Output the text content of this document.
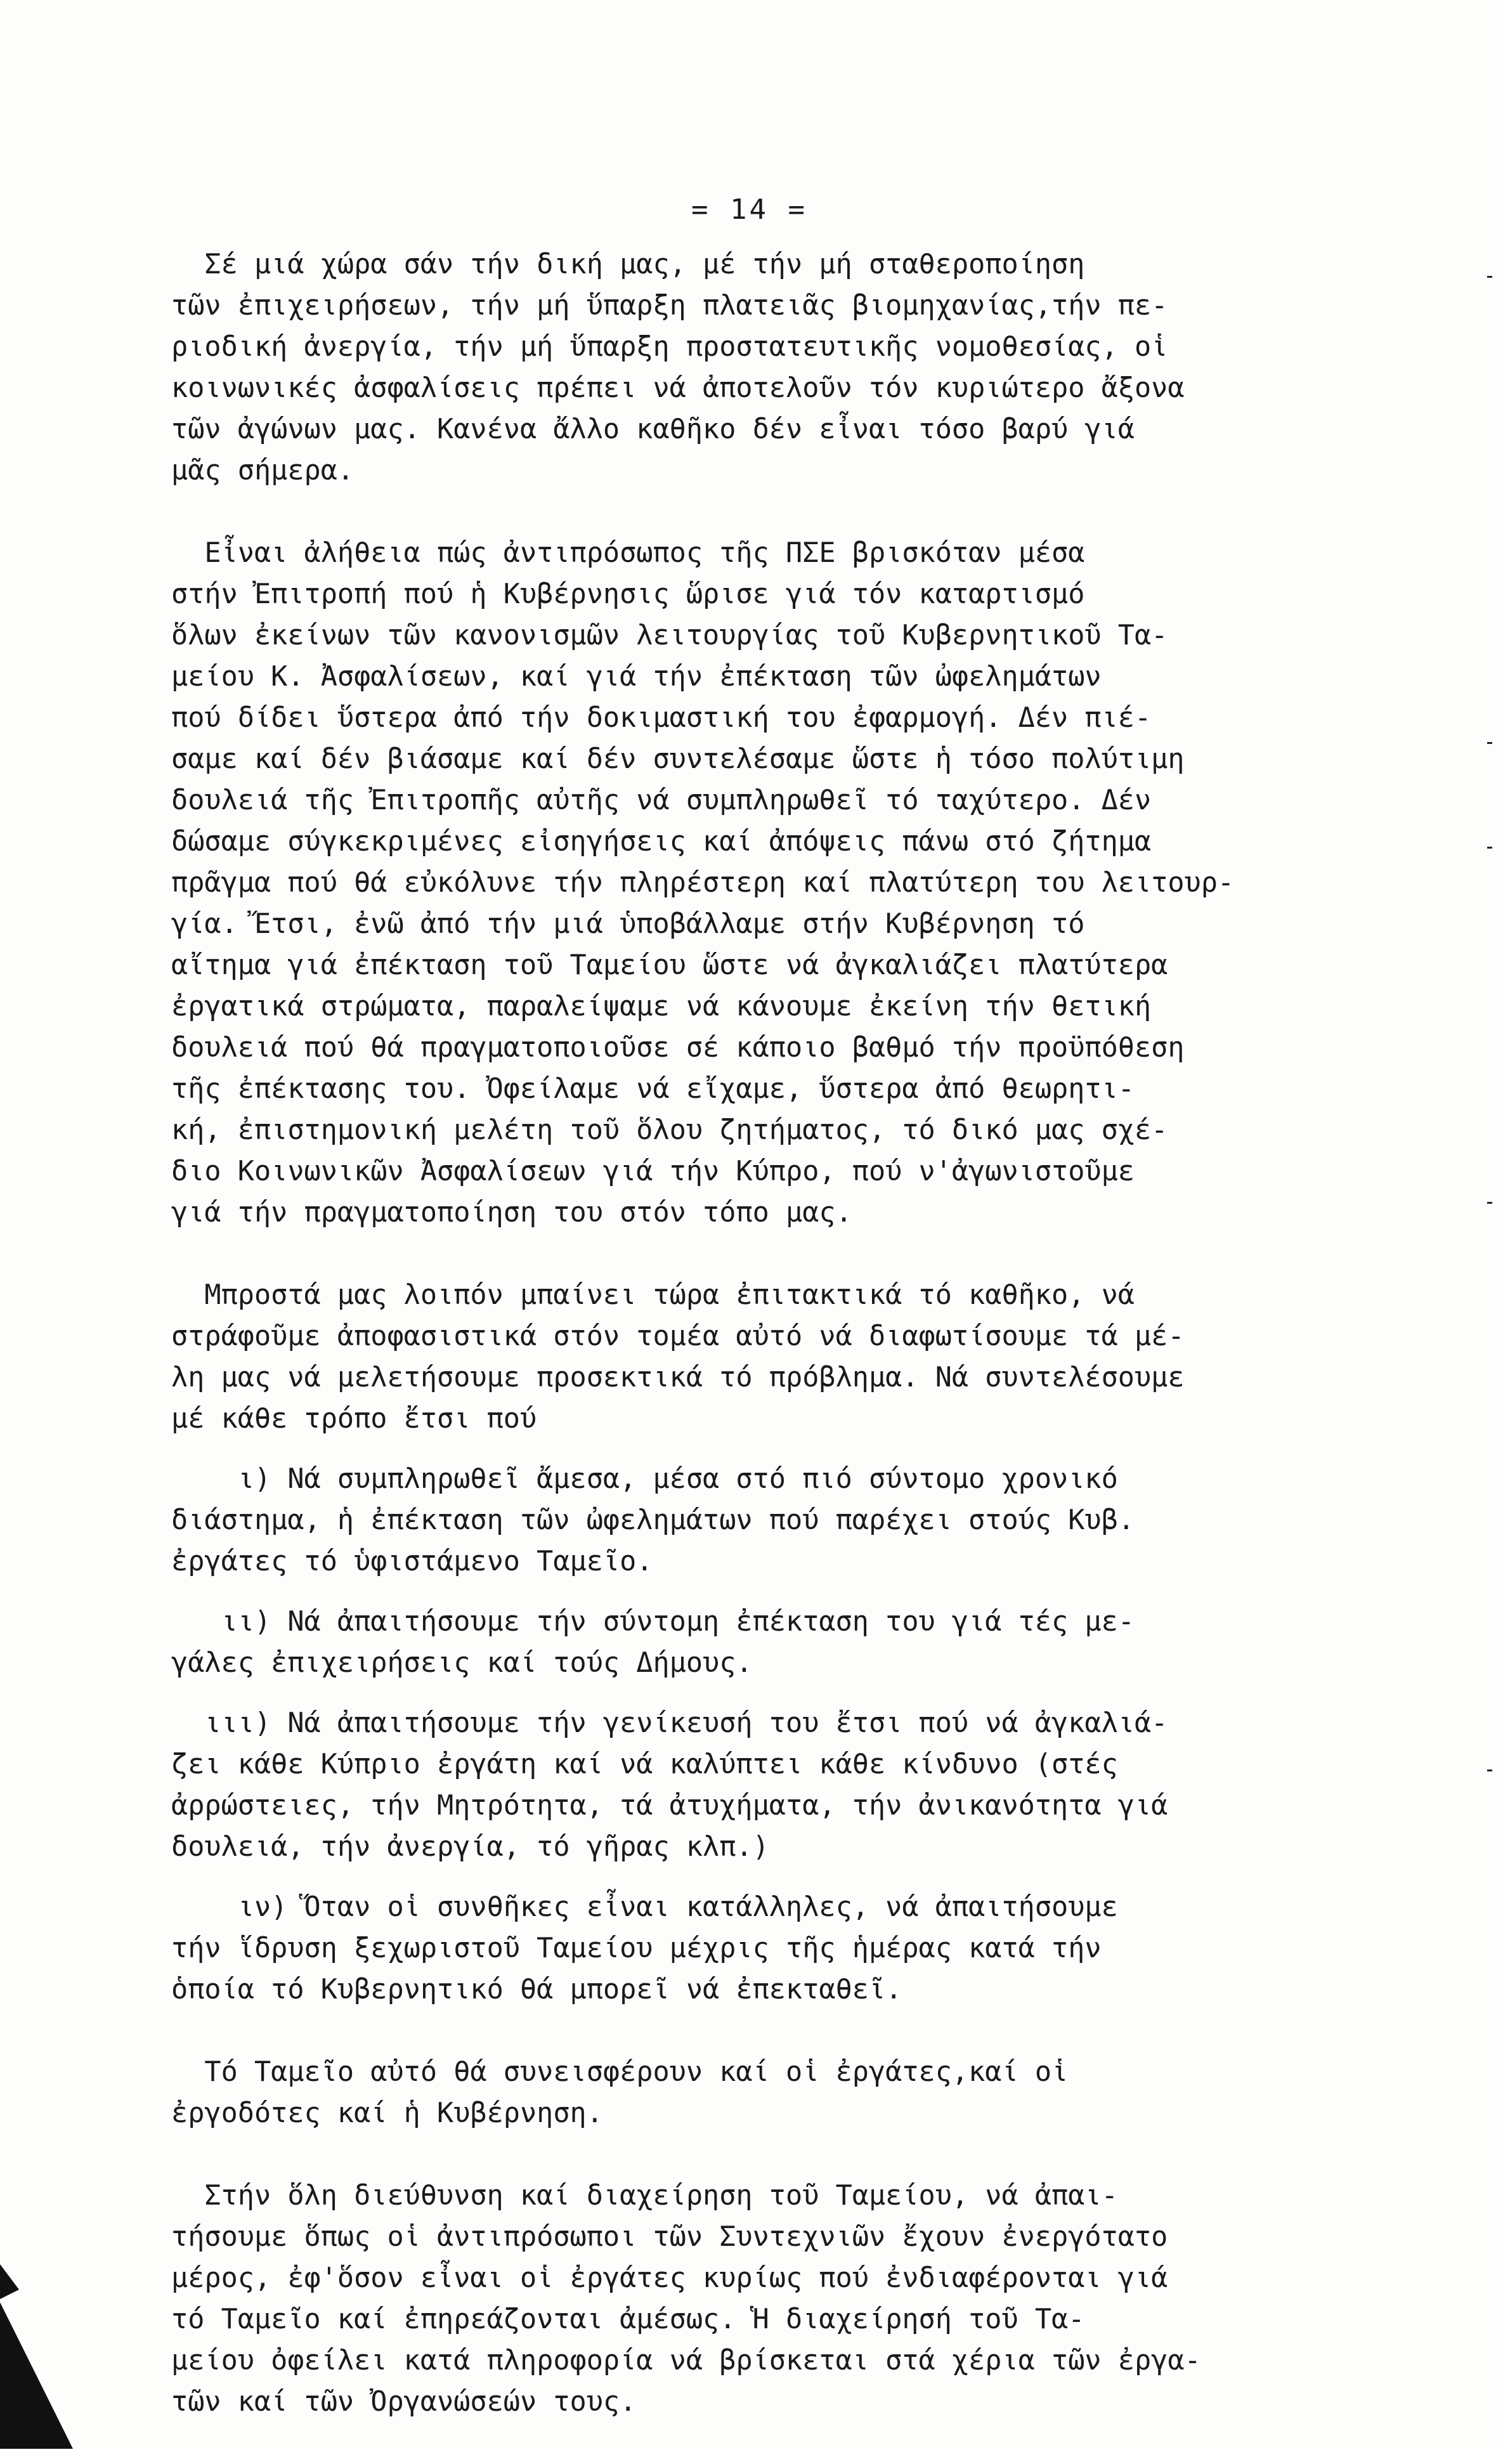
= 14 =
Σέ μιά χώρα σάν τήν δική μας, μέ τήν μή σταθεροποίηση
τῶν ἐπιχειρήσεων, τήν μή ὕπαρξη πλατειᾶς βιομηχανίας,τήν πε-
ριοδική ἀνεργία, τήν μή ὕπαρξη προστατευτικῆς νομοθεσίας, οἱ
κοινωνικές ἀσφαλίσεις πρέπει νά ἀποτελοῦν τόν κυριώτερο ἄξονα
τῶν ἀγώνων μας. Κανένα ἄλλο καθῆκο δέν εἶναι τόσο βαρύ γιά
μᾶς σήμερα.
Εἶναι ἀλήθεια πώς ἀντιπρόσωπος τῆς ΠΣΕ βρισκόταν μέσα
στήν Ἐπιτροπή πού ἡ Κυβέρνησις ὥρισε γιά τόν καταρτισμό
ὅλων ἐκείνων τῶν κανονισμῶν λειτουργίας τοῦ Κυβερνητικοῦ Τα-
μείου Κ. Ἀσφαλίσεων, καί γιά τήν ἐπέκταση τῶν ὠφελημάτων
πού δίδει ὕστερα ἀπό τήν δοκιμαστική του ἐφαρμογή. Δέν πιέ-
σαμε καί δέν βιάσαμε καί δέν συντελέσαμε ὥστε ἡ τόσο πολύτιμη
δουλειά τῆς Ἐπιτροπῆς αὐτῆς νά συμπληρωθεῖ τό ταχύτερο. Δέν
δώσαμε σύγκεκριμένες εἰσηγήσεις καί ἀπόψεις πάνω στό ζήτημα
πρᾶγμα πού θά εὐκόλυνε τήν πληρέστερη καί πλατύτερη του λειτουρ-
γία. Ἔτσι, ἐνῶ ἀπό τήν μιά ὑποβάλλαμε στήν Κυβέρνηση τό
αἴτημα γιά ἐπέκταση τοῦ Ταμείου ὥστε νά ἀγκαλιάζει πλατύτερα
ἐργατικά στρώματα, παραλείψαμε νά κάνουμε ἐκείνη τήν θετική
δουλειά πού θά πραγματοποιοῦσε σέ κάποιο βαθμό τήν προϋπόθεση
τῆς ἐπέκτασης του. Ὀφείλαμε νά εἴχαμε, ὕστερα ἀπό θεωρητι-
κή, ἐπιστημονική μελέτη τοῦ ὅλου ζητήματος, τό δικό μας σχέ-
διο Κοινωνικῶν Ἀσφαλίσεων γιά τήν Κύπρο, πού ν'ἀγωνιστοῦμε
γιά τήν πραγματοποίηση του στόν τόπο μας.
Μπροστά μας λοιπόν μπαίνει τώρα ἐπιτακτικά τό καθῆκο, νά
στράφοῦμε ἀποφασιστικά στόν τομέα αὐτό νά διαφωτίσουμε τά μέ-
λη μας νά μελετήσουμε προσεκτικά τό πρόβλημα. Νά συντελέσουμε
μέ κάθε τρόπο ἔτσι πού
ι) Νά συμπληρωθεῖ ἄμεσα, μέσα στό πιό σύντομο χρονικό
διάστημα, ἡ ἐπέκταση τῶν ὠφελημάτων πού παρέχει στούς Κυβ.
ἐργάτες τό ὑφιστάμενο Ταμεῖο.
ιι) Νά ἀπαιτήσουμε τήν σύντομη ἐπέκταση του γιά τές με-
γάλες ἐπιχειρήσεις καί τούς Δήμους.
ιιι) Νά ἀπαιτήσουμε τήν γενίκευσή του ἔτσι πού νά ἀγκαλιά-
ζει κάθε Κύπριο ἐργάτη καί νά καλύπτει κάθε κίνδυνο (στές
ἀρρώστειες, τήν Μητρότητα, τά ἀτυχήματα, τήν ἀνικανότητα γιά
δουλειά, τήν ἀνεργία, τό γῆρας κλπ.)
ιν) Ὅταν οἱ συνθῆκες εἶναι κατάλληλες, νά ἀπαιτήσουμε
τήν ἵδρυση ξεχωριστοῦ Ταμείου μέχρις τῆς ἡμέρας κατά τήν
ὁποία τό Κυβερνητικό θά μπορεῖ νά ἐπεκταθεῖ.
Τό Ταμεῖο αὐτό θά συνεισφέρουν καί οἱ ἐργάτες,καί οἱ
ἐργοδότες καί ἡ Κυβέρνηση.
Στήν ὅλη διεύθυνση καί διαχείρηση τοῦ Ταμείου, νά ἀπαι-
τήσουμε ὅπως οἱ ἀντιπρόσωποι τῶν Συντεχνιῶν ἔχουν ἐνεργότατο
μέρος, ἐφ'ὅσον εἶναι οἱ ἐργάτες κυρίως πού ἐνδιαφέρονται γιά
τό Ταμεῖο καί ἐπηρεάζονται ἀμέσως. Ἡ διαχείρησή τοῦ Τα-
μείου ὀφείλει κατά πληροφορία νά βρίσκεται στά χέρια τῶν ἐργα-
τῶν καί τῶν Ὀργανώσεών τους.
